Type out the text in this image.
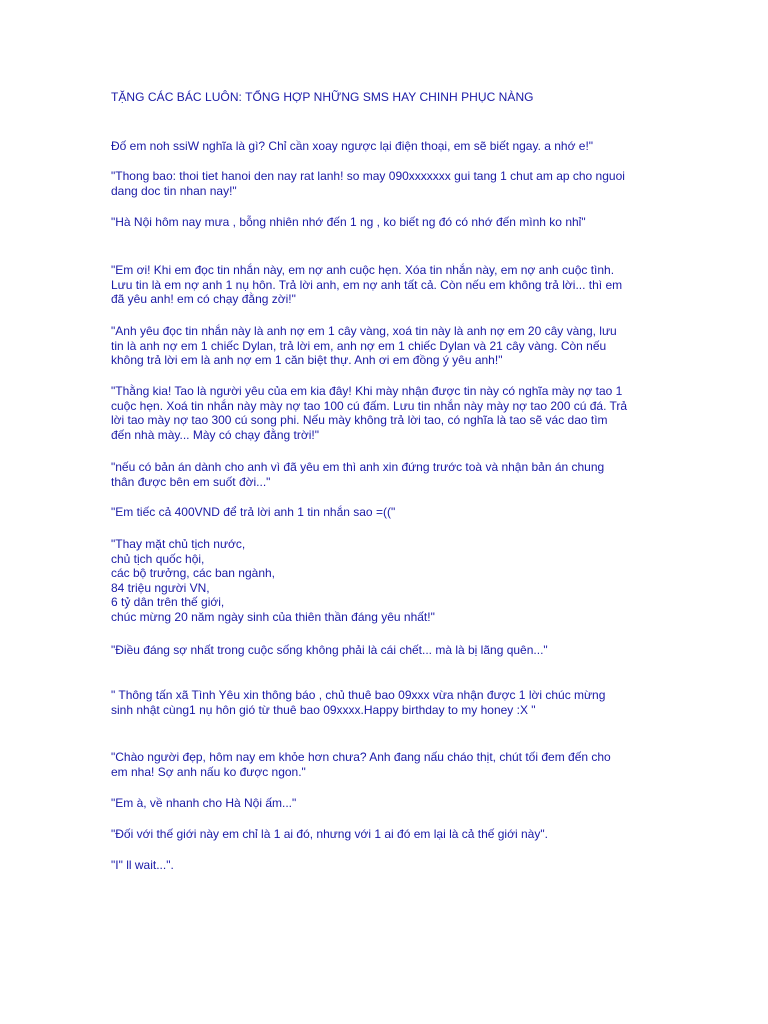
TẶNG CÁC BÁC LUÔN: TỔNG HỢP NHỮNG SMS HAY CHINH PHỤC NÀNG
Đố em noh ssiW nghĩa là gì? Chỉ cần xoay ngược lại điện thoại, em sẽ biết ngay. a nhớ e!"
"Thong bao: thoi tiet hanoi den nay rat lanh! so may 090xxxxxxx gui tang 1 chut am ap cho nguoi
dang doc tin nhan nay!"
"Hà Nội hôm nay mưa , bỗng nhiên nhớ đến 1 ng , ko biết ng đó có nhớ đến mình ko nhỉ"
"Em ơi! Khi em đọc tin nhắn này, em nợ anh cuộc hẹn. Xóa tin nhắn này, em nợ anh cuộc tình.
Lưu tin là em nợ anh 1 nụ hôn. Trả lời anh, em nợ anh tất cả. Còn nếu em không trả lời... thì em
đã yêu anh! em có chạy đằng zời!"
"Anh yêu đọc tin nhắn này là anh nợ em 1 cây vàng, xoá tin này là anh nợ em 20 cây vàng, lưu
tin là anh nợ em 1 chiếc Dylan, trả lời em, anh nợ em 1 chiếc Dylan và 21 cây vàng. Còn nếu
không trả lời em là anh nợ em 1 căn biệt thự. Anh ơi em đồng ý yêu anh!"
"Thằng kia! Tao là người yêu của em kia đây! Khi mày nhận được tin này có nghĩa mày nợ tao 1
cuộc hẹn. Xoá tin nhắn này mày nợ tao 100 cú đấm. Lưu tin nhắn này mày nợ tao 200 cú đá. Trả
lời tao mày nợ tao 300 cú song phi. Nếu mày không trả lời tao, có nghĩa là tao sẽ vác dao tìm
đến nhà mày... Mày có chạy đằng trời!"
"nếu có bản án dành cho anh vì đã yêu em thì anh xin đứng trước toà và nhận bản án chung
thân được bên em suốt đời..."
"Em tiếc cả 400VND để trả lời anh 1 tin nhắn sao =(("
"Thay mặt chủ tịch nước,
chủ tịch quốc hội,
các bộ trưởng, các ban ngành,
84 triệu người VN,
6 tỷ dân trên thế giới,
chúc mừng 20 năm ngày sinh của thiên thần đáng yêu nhất!"
"Điều đáng sợ nhất trong cuộc sống không phải là cái chết... mà là bị lãng quên..."
" Thông tấn xã Tình Yêu xin thông báo , chủ thuê bao 09xxx vừa nhận được 1 lời chúc mừng
sinh nhật cùng1 nụ hôn gió từ thuê bao 09xxxx.Happy birthday to my honey :X "
"Chào người đẹp, hôm nay em khỏe hơn chưa? Anh đang nấu cháo thịt, chút tối đem đến cho
em nha! Sợ anh nấu ko được ngon."
"Em à, về nhanh cho Hà Nội ấm..."
"Đối với thế giới này em chỉ là 1 ai đó, nhưng với 1 ai đó em lại là cả thế giới này".
"I" ll wait...".
